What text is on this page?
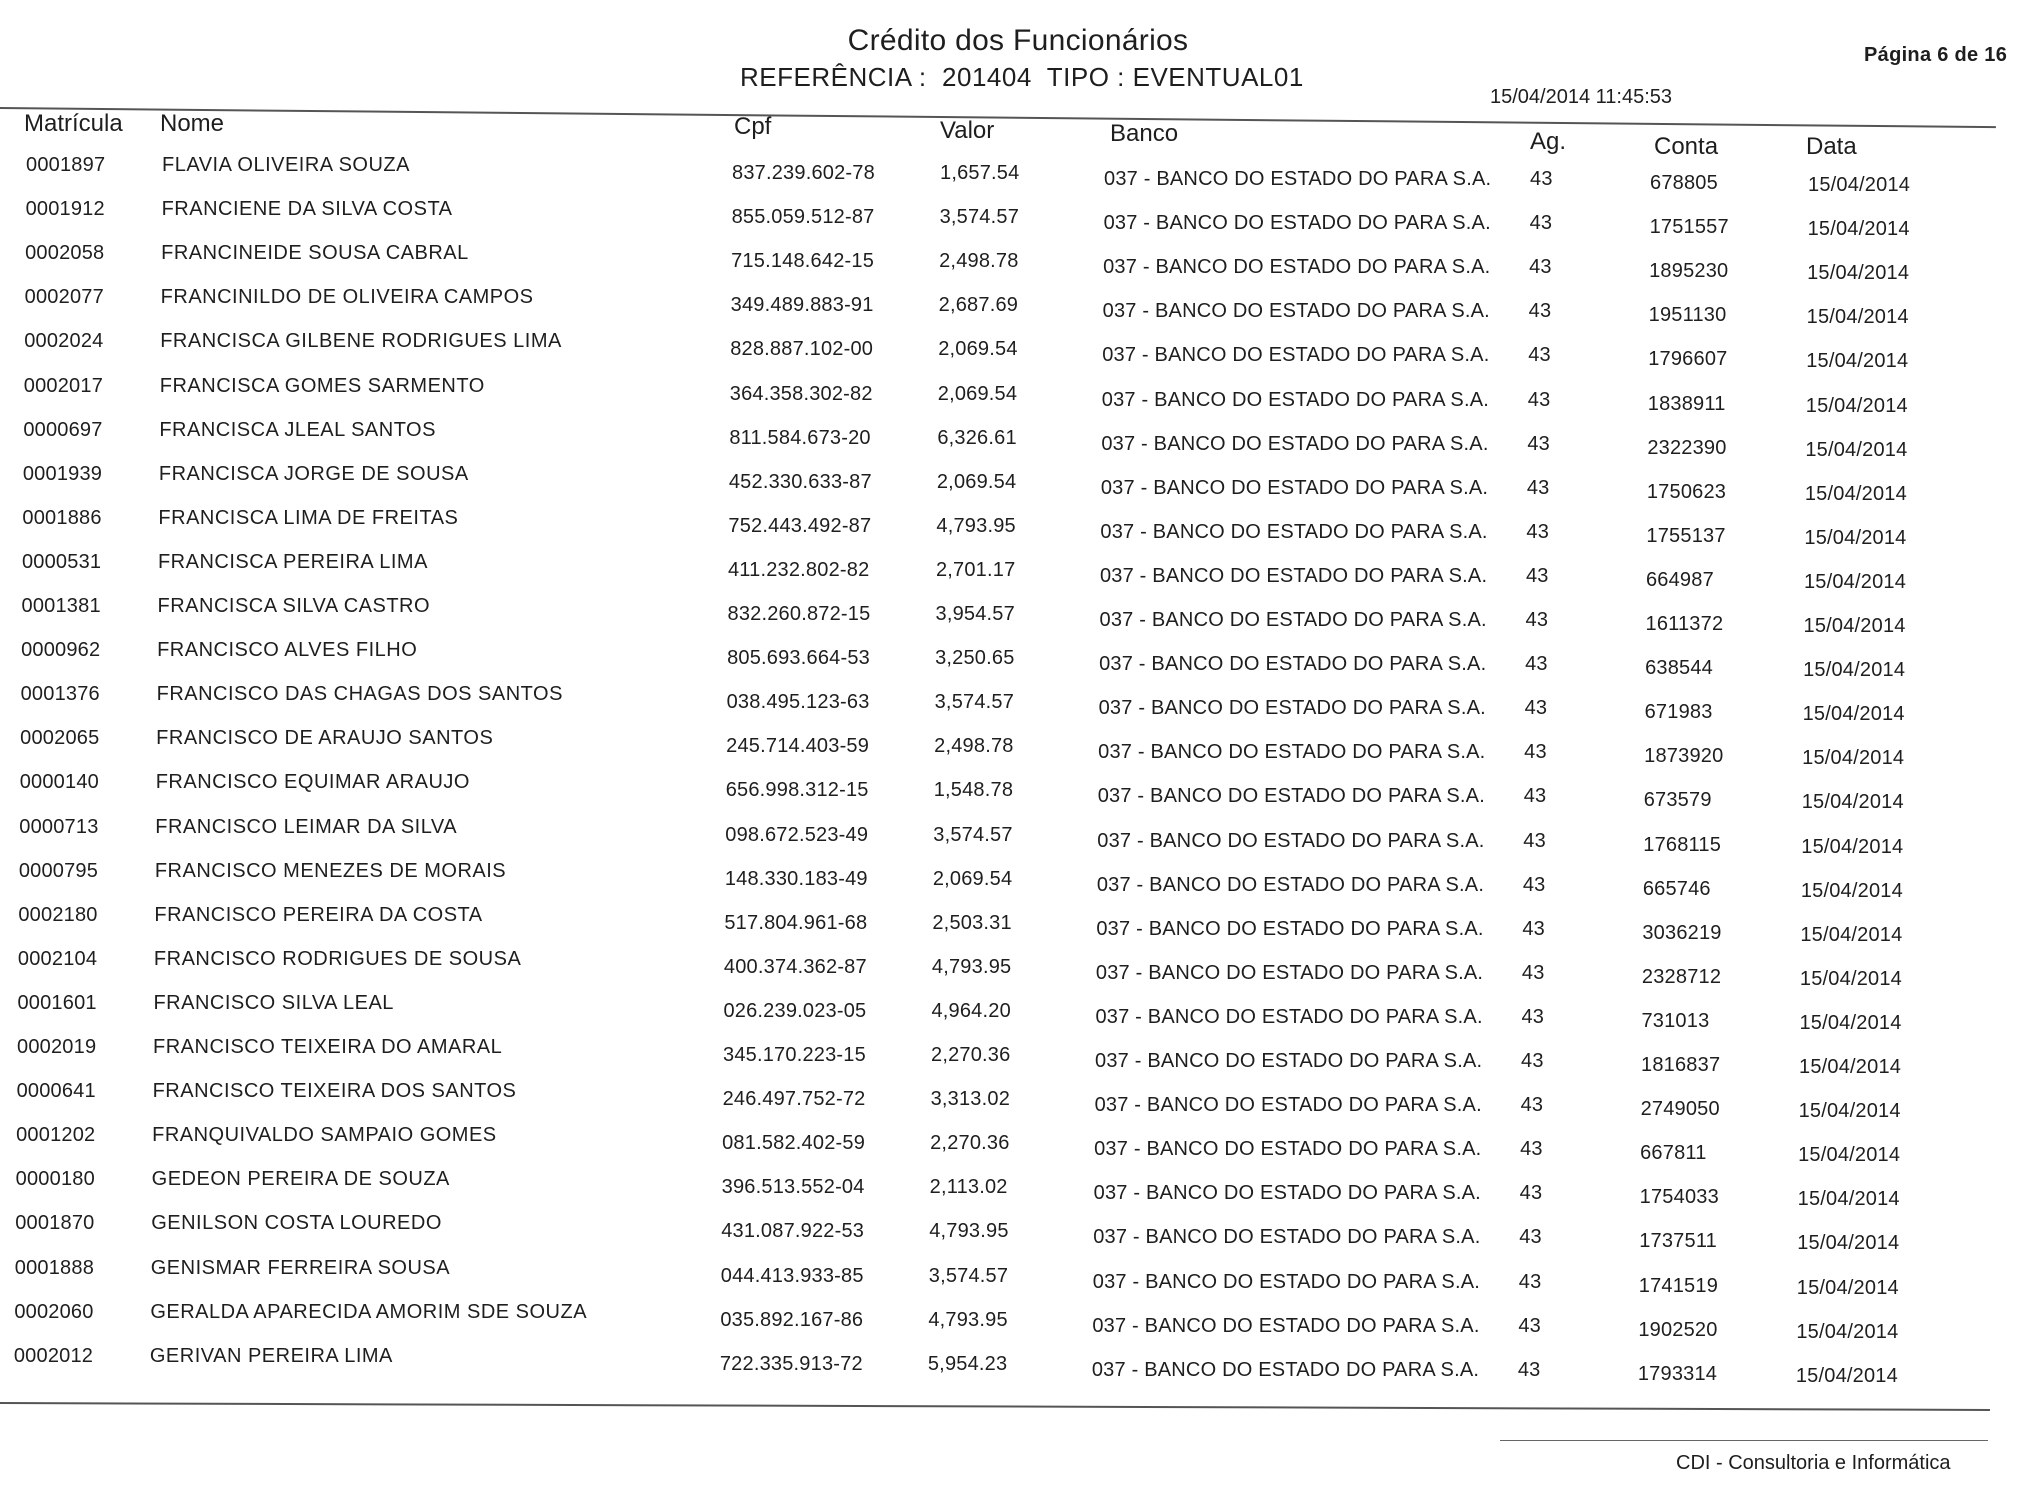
Crédito dos Funcionários
REFERÊNCIA :  201404  TIPO : EVENTUAL01
Página 6 de 16
15/04/2014 11:45:53
Matrícula Nome	Cpf	Valor	Banco	Ag.	Conta	Data
0001897	FLAVIA OLIVEIRA SOUZA	837.239.602-78	1,657.54	037 - BANCO DO ESTADO DO PARA S.A. 43	678805	15/04/2014
0001912	FRANCIENE DA SILVA COSTA	855.059.512-87	3,574.57	037 - BANCO DO ESTADO DO PARA S.A. 43	1751557	15/04/2014
0002058	FRANCINEIDE SOUSA CABRAL	715.148.642-15	2,498.78	037 - BANCO DO ESTADO DO PARA S.A. 43	1895230	15/04/2014
0002077	FRANCINILDO DE OLIVEIRA CAMPOS	349.489.883-91	2,687.69	037 - BANCO DO ESTADO DO PARA S.A. 43	1951130	15/04/2014
0002024	FRANCISCA GILBENE RODRIGUES LIMA	828.887.102-00	2,069.54	037 - BANCO DO ESTADO DO PARA S.A. 43	1796607	15/04/2014
0002017	FRANCISCA GOMES SARMENTO	364.358.302-82	2,069.54	037 - BANCO DO ESTADO DO PARA S.A. 43	1838911	15/04/2014
0000697	FRANCISCA JLEAL SANTOS	811.584.673-20	6,326.61	037 - BANCO DO ESTADO DO PARA S.A. 43	2322390	15/04/2014
0001939	FRANCISCA JORGE DE SOUSA	452.330.633-87	2,069.54	037 - BANCO DO ESTADO DO PARA S.A. 43	1750623	15/04/2014
0001886	FRANCISCA LIMA DE FREITAS	752.443.492-87	4,793.95	037 - BANCO DO ESTADO DO PARA S.A. 43	1755137	15/04/2014
0000531	FRANCISCA PEREIRA LIMA	411.232.802-82	2,701.17	037 - BANCO DO ESTADO DO PARA S.A. 43	664987	15/04/2014
0001381	FRANCISCA SILVA CASTRO	832.260.872-15	3,954.57	037 - BANCO DO ESTADO DO PARA S.A. 43	1611372	15/04/2014
0000962	FRANCISCO ALVES FILHO	805.693.664-53	3,250.65	037 - BANCO DO ESTADO DO PARA S.A. 43	638544	15/04/2014
0001376	FRANCISCO DAS CHAGAS DOS SANTOS	038.495.123-63	3,574.57	037 - BANCO DO ESTADO DO PARA S.A. 43	671983	15/04/2014
0002065	FRANCISCO DE ARAUJO SANTOS	245.714.403-59	2,498.78	037 - BANCO DO ESTADO DO PARA S.A. 43	1873920	15/04/2014
0000140	FRANCISCO EQUIMAR ARAUJO	656.998.312-15	1,548.78	037 - BANCO DO ESTADO DO PARA S.A. 43	673579	15/04/2014
0000713	FRANCISCO LEIMAR DA SILVA	098.672.523-49	3,574.57	037 - BANCO DO ESTADO DO PARA S.A. 43	1768115	15/04/2014
0000795	FRANCISCO MENEZES DE MORAIS	148.330.183-49	2,069.54	037 - BANCO DO ESTADO DO PARA S.A. 43	665746	15/04/2014
0002180	FRANCISCO PEREIRA DA COSTA	517.804.961-68	2,503.31	037 - BANCO DO ESTADO DO PARA S.A. 43	3036219	15/04/2014
0002104	FRANCISCO RODRIGUES DE SOUSA	400.374.362-87	4,793.95	037 - BANCO DO ESTADO DO PARA S.A. 43	2328712	15/04/2014
0001601	FRANCISCO SILVA LEAL	026.239.023-05	4,964.20	037 - BANCO DO ESTADO DO PARA S.A. 43	731013	15/04/2014
0002019	FRANCISCO TEIXEIRA DO AMARAL	345.170.223-15	2,270.36	037 - BANCO DO ESTADO DO PARA S.A. 43	1816837	15/04/2014
0000641	FRANCISCO TEIXEIRA DOS SANTOS	246.497.752-72	3,313.02	037 - BANCO DO ESTADO DO PARA S.A. 43	2749050	15/04/2014
0001202	FRANQUIVALDO SAMPAIO GOMES	081.582.402-59	2,270.36	037 - BANCO DO ESTADO DO PARA S.A. 43	667811	15/04/2014
0000180	GEDEON PEREIRA DE SOUZA	396.513.552-04	2,113.02	037 - BANCO DO ESTADO DO PARA S.A. 43	1754033	15/04/2014
0001870	GENILSON COSTA LOUREDO	431.087.922-53	4,793.95	037 - BANCO DO ESTADO DO PARA S.A. 43	1737511	15/04/2014
0001888	GENISMAR FERREIRA SOUSA	044.413.933-85	3,574.57	037 - BANCO DO ESTADO DO PARA S.A. 43	1741519	15/04/2014
0002060	GERALDA APARECIDA AMORIM SDE SOUZA	035.892.167-86	4,793.95	037 - BANCO DO ESTADO DO PARA S.A. 43	1902520	15/04/2014
0002012	GERIVAN PEREIRA LIMA	722.335.913-72	5,954.23	037 - BANCO DO ESTADO DO PARA S.A. 43	1793314	15/04/2014
CDI - Consultoria e Informática
